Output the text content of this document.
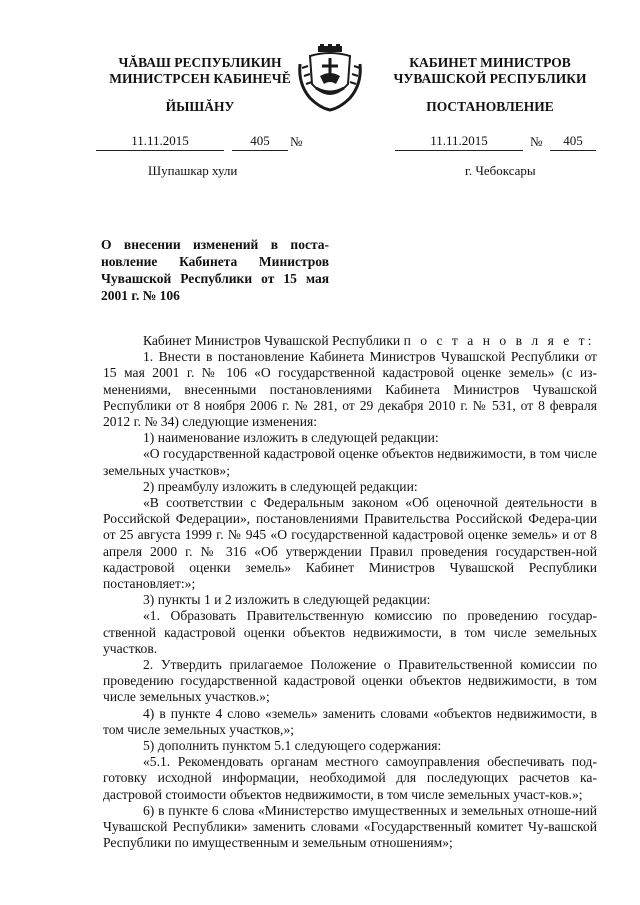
ЧĂВАШ РЕСПУБЛИКИН
МИНИСТРСЕН КАБИНЕЧĚ
ЙЫШĂНУ
КАБИНЕТ МИНИСТРОВ
ЧУВАШСКОЙ РЕСПУБЛИКИ
ПОСТАНОВЛЕНИЕ
11.11.2015	405	№	11.11.2015	№	405
Шупашкар хули	г. Чебоксары
О внесении изменений в поста-новление Кабинета Министров Чувашской Республики от 15 мая 2001 г. № 106

Кабинет Министров Чувашской Республики п о с т а н о в л я е т:

1. Внести в постановление Кабинета Министров Чувашской Республики от 15 мая 2001 г. № 106 «О государственной кадастровой оценке земель» (с из-менениями, внесенными постановлениями Кабинета Министров Чувашской Республики от 8 ноября 2006 г. № 281, от 29 декабря 2010 г. № 531, от 8 февраля 2012 г. № 34) следующие изменения:

1) наименование изложить в следующей редакции:

«О государственной кадастровой оценке объектов недвижимости, в том числе земельных участков»;

2) преамбулу изложить в следующей редакции:

«В соответствии с Федеральным законом «Об оценочной деятельности в Российской Федерации», постановлениями Правительства Российской Федера-ции от 25 августа 1999 г. № 945 «О государственной кадастровой оценке земель» и от 8 апреля 2000 г. № 316 «Об утверждении Правил проведения государствен-ной кадастровой оценки земель» Кабинет Министров Чувашской Республики постановляет:»;

3) пункты 1 и 2 изложить в следующей редакции:

«1. Образовать Правительственную комиссию по проведению государ-ственной кадастровой оценки объектов недвижимости, в том числе земельных участков.

2. Утвердить прилагаемое Положение о Правительственной комиссии по проведению государственной кадастровой оценки объектов недвижимости, в том числе земельных участков.»;

4) в пункте 4 слово «земель» заменить словами «объектов недвижимости, в том числе земельных участков,»;

5) дополнить пунктом 5.1 следующего содержания:

«5.1. Рекомендовать органам местного самоуправления обеспечивать под-готовку исходной информации, необходимой для последующих расчетов ка-дастровой стоимости объектов недвижимости, в том числе земельных участ-ков.»;

6) в пункте 6 слова «Министерство имущественных и земельных отноше-ний Чувашской Республики» заменить словами «Государственный комитет Чу-вашской Республики по имущественным и земельным отношениям»;
